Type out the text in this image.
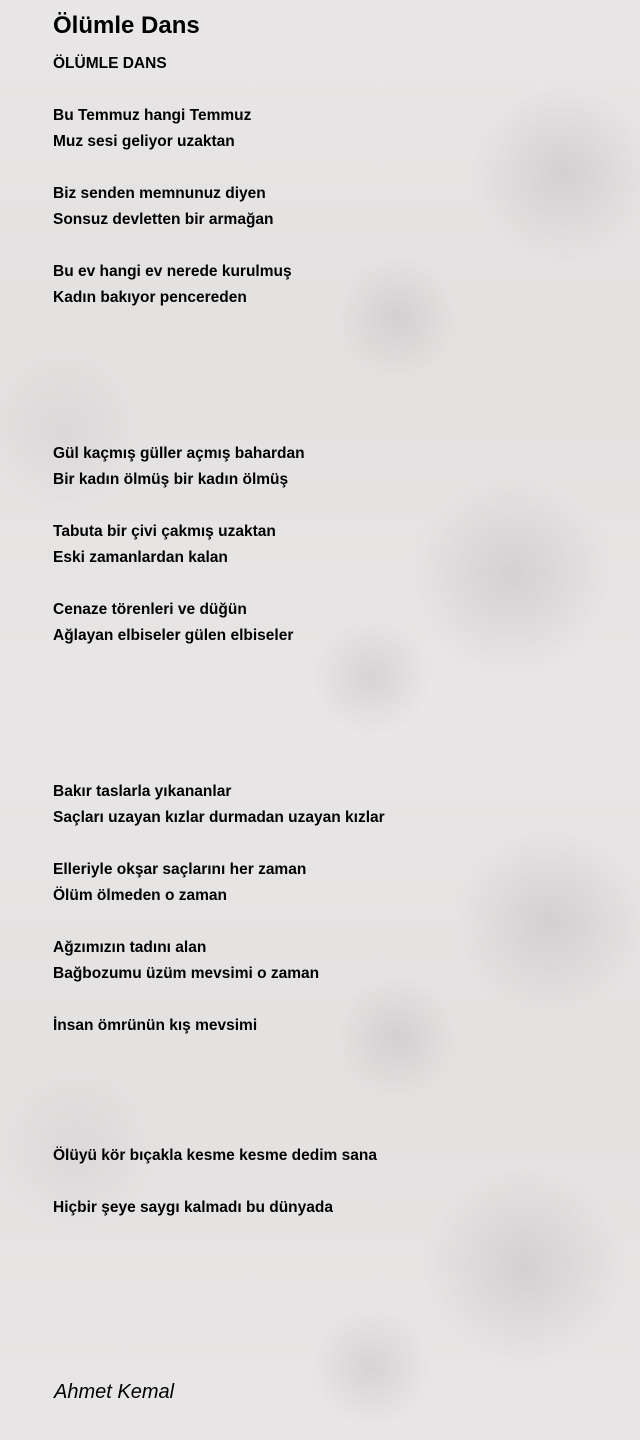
Ölümle Dans
ÖLÜMLE DANS
Bu Temmuz hangi Temmuz
Muz sesi geliyor uzaktan
Biz senden memnunuz diyen
Sonsuz devletten bir armağan
Bu ev hangi ev nerede kurulmuş
Kadın bakıyor pencereden
Gül kaçmış güller açmış bahardan
Bir kadın ölmüş bir kadın ölmüş
Tabuta bir çivi çakmış uzaktan
Eski zamanlardan kalan
Cenaze törenleri ve düğün
Ağlayan elbiseler gülen elbiseler
Bakır taslarla yıkananlar
Saçları uzayan kızlar durmadan uzayan kızlar
Elleriyle okşar saçlarını her zaman
Ölüm ölmeden o zaman
Ağzımızın tadını alan
Bağbozumu üzüm mevsimi o zaman
İnsan ömrünün kış mevsimi
Ölüyü kör bıçakla kesme kesme dedim sana
Hiçbir şeye saygı kalmadı bu dünyada
Ahmet Kemal
